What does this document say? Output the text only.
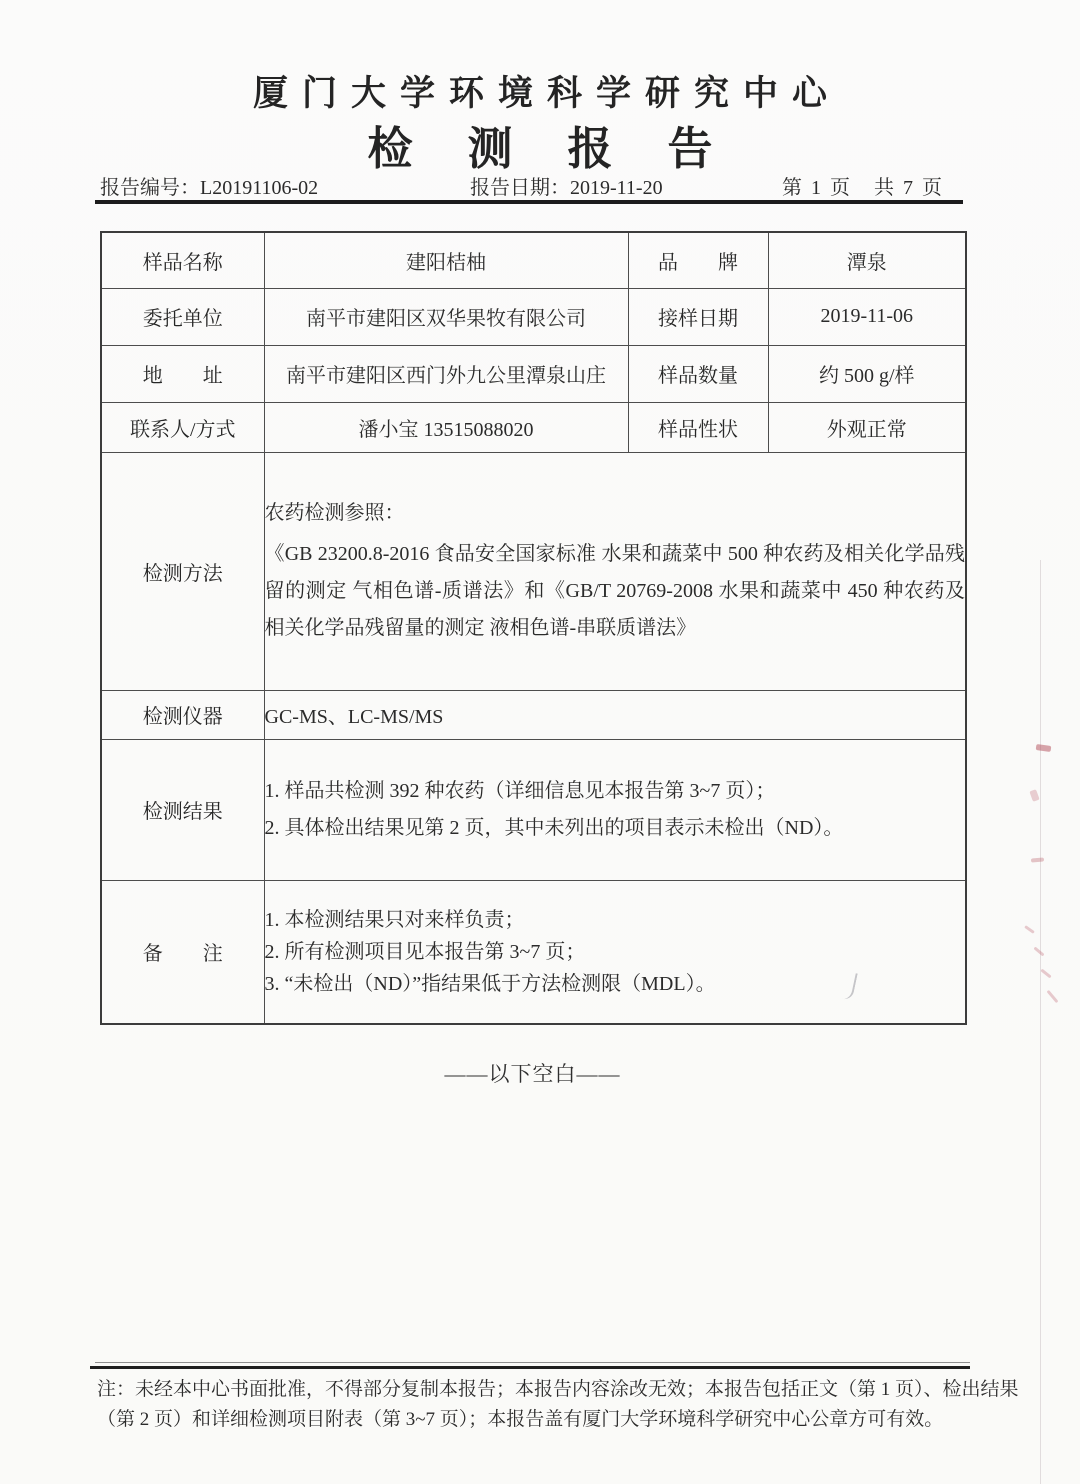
厦门大学环境科学研究中心
检测报告
报告编号：L20191106-02	报告日期：2019-11-20	第 1 页　共 7 页
样品名称	建阳桔柚	品　　牌	潭泉
委托单位	南平市建阳区双华果牧有限公司	接样日期	2019-11-06
地　　址	南平市建阳区西门外九公里潭泉山庄	样品数量	约 500 g/样
联系人/方式	潘小宝 13515088020	样品性状	外观正常
检测方法	农药检测参照：
《GB 23200.8-2016 食品安全国家标准 水果和蔬菜中 500 种农药及相关化学品残留的测定 气相色谱-质谱法》和《GB/T 20769-2008 水果和蔬菜中 450 种农药及相关化学品残留量的测定 液相色谱-串联质谱法》		

检测仪器	GC-MS、LC-MS/MS		
检测结果	1. 样品共检测 392 种农药（详细信息见本报告第 3~7 页）；
2. 具体检出结果见第 2 页，其中未列出的项目表示未检出（ND）。		

备　　注	1. 本检测结果只对来样负责；
2. 所有检测项目见本报告第 3~7 页；
3. “未检出（ND）”指结果低于方法检测限（MDL）。		
——以下空白——
注：未经本中心书面批准，不得部分复制本报告；本报告内容涂改无效；本报告包括正文（第 1 页）、检出结果
（第 2 页）和详细检测项目附表（第 3~7 页）；本报告盖有厦门大学环境科学研究中心公章方可有效。
